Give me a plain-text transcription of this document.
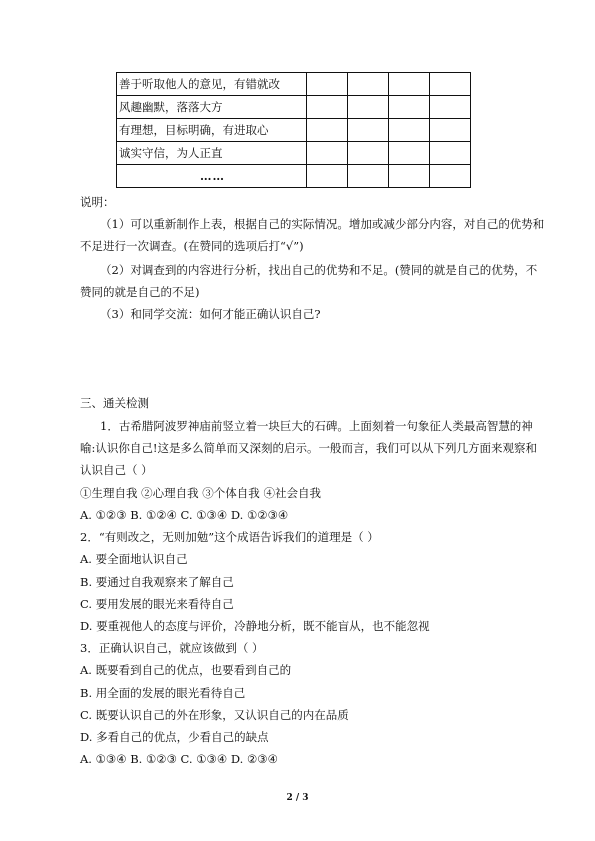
善于听取他人的意见，有错就改				
风趣幽默，落落大方				
有理想，目标明确，有进取心				
诚实守信，为人正直				
……				
说明：
（1）可以重新制作上表，根据自己的实际情况。增加或减少部分内容，对自己的优势和
不足进行一次调查。(在赞同的选项后打“√”)
（2）对调查到的内容进行分析，找出自己的优势和不足。(赞同的就是自己的优势，不
赞同的就是自己的不足)
（3）和同学交流：如何才能正确认识自己?
三、通关检测
1．古希腊阿波罗神庙前竖立着一块巨大的石碑。上面刻着一句象征人类最高智慧的神
喻:认识你自己!这是多么简单而又深刻的启示。一般而言，我们可以从下列几方面来观察和
认识自己（ ）
①生理自我 ②心理自我 ③个体自我 ④社会自我
A. ①②③ B. ①②④ C. ①③④ D. ①②③④
2．“有则改之，无则加勉”这个成语告诉我们的道理是（ ）
A. 要全面地认识自己
B. 要通过自我观察来了解自己
C. 要用发展的眼光来看待自己
D. 要重视他人的态度与评价，冷静地分析，既不能盲从，也不能忽视
3．正确认识自己，就应该做到（ ）
A. 既要看到自己的优点，也要看到自己的
B. 用全面的发展的眼光看待自己
C. 既要认识自己的外在形象，又认识自己的内在品质
D. 多看自己的优点，少看自己的缺点
A. ①③④ B. ①②③ C. ①③④ D. ②③④
2 / 3
